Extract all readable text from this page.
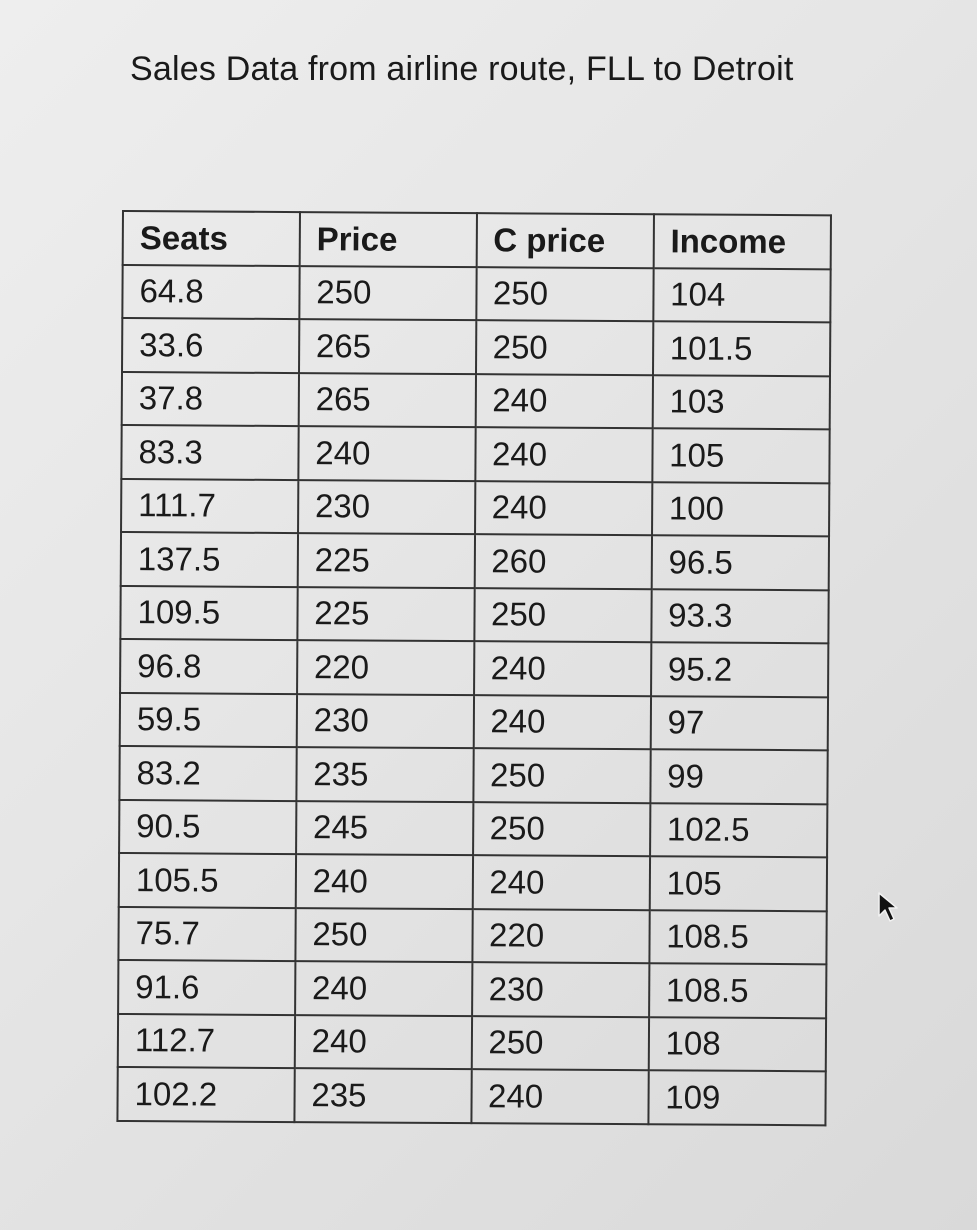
Sales Data from airline route, FLL to Detroit
Seats	Price	C price	Income
64.8	250	250	104
33.6	265	250	101.5
37.8	265	240	103
83.3	240	240	105
111.7	230	240	100
137.5	225	260	96.5
109.5	225	250	93.3
96.8	220	240	95.2
59.5	230	240	97
83.2	235	250	99
90.5	245	250	102.5
105.5	240	240	105
75.7	250	220	108.5
91.6	240	230	108.5
112.7	240	250	108
102.2	235	240	109
